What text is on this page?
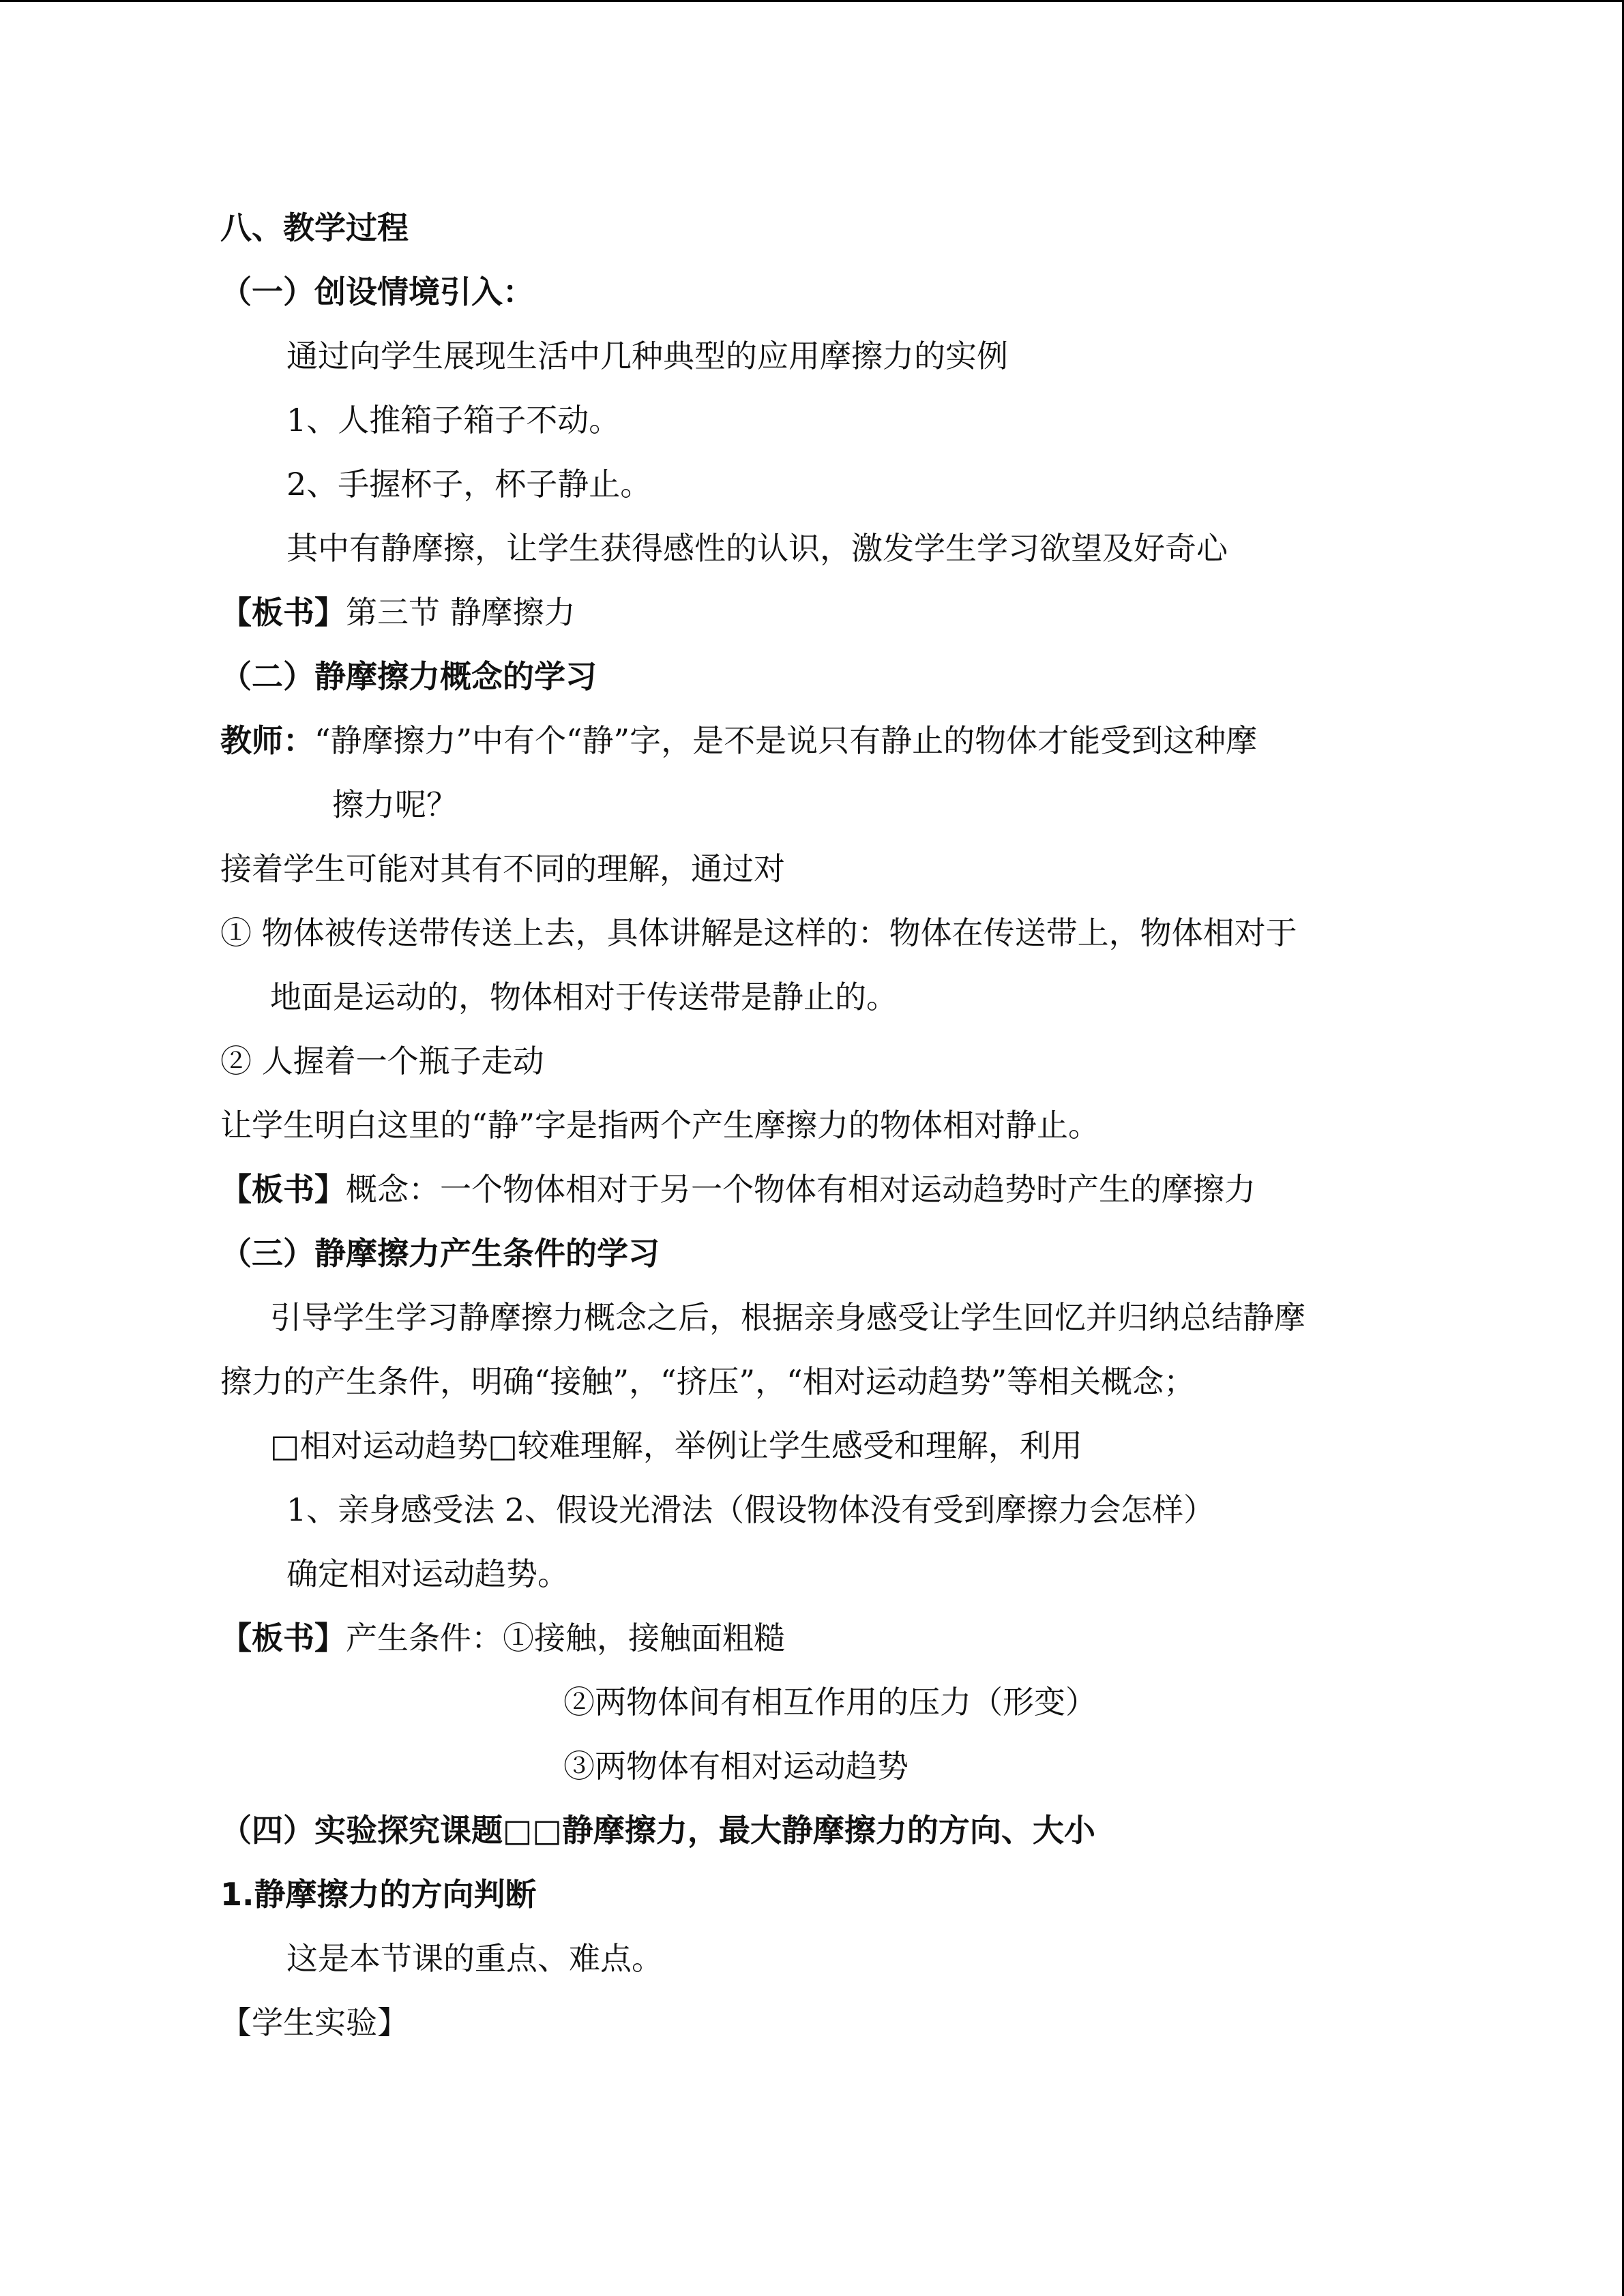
八、教学过程
（一）创设情境引入：
通过向学生展现生活中几种典型的应用摩擦力的实例
1、人推箱子箱子不动。
2、手握杯子，杯子静止。
其中有静摩擦，让学生获得感性的认识，激发学生学习欲望及好奇心
【板书】第三节 静摩擦力
（二）静摩擦力概念的学习
教师：“静摩擦力”中有个“静”字，是不是说只有静止的物体才能受到这种摩
擦力呢？
接着学生可能对其有不同的理解，通过对
① 物体被传送带传送上去，具体讲解是这样的：物体在传送带上，物体相对于
地面是运动的，物体相对于传送带是静止的。
② 人握着一个瓶子走动
让学生明白这里的“静”字是指两个产生摩擦力的物体相对静止。
【板书】概念：一个物体相对于另一个物体有相对运动趋势时产生的摩擦力
（三）静摩擦力产生条件的学习
引导学生学习静摩擦力概念之后，根据亲身感受让学生回忆并归纳总结静摩
擦力的产生条件，明确“接触”，“挤压”，“相对运动趋势”等相关概念；
□相对运动趋势□较难理解，举例让学生感受和理解，利用
1、亲身感受法 2、假设光滑法（假设物体没有受到摩擦力会怎样）
确定相对运动趋势。
【板书】产生条件：①接触，接触面粗糙
②两物体间有相互作用的压力（形变）
③两物体有相对运动趋势
（四）实验探究课题□□静摩擦力，最大静摩擦力的方向、大小
1.静摩擦力的方向判断
这是本节课的重点、难点。
【学生实验】
